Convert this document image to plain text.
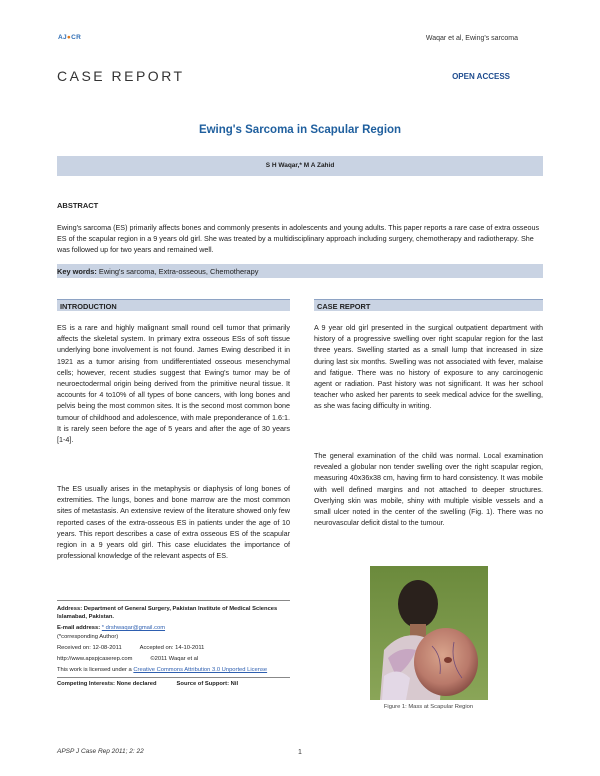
AJ●CR	Waqar et al, Ewing's sarcoma
CASE REPORT	OPEN ACCESS
Ewing's Sarcoma in Scapular Region
S H Waqar,* M A Zahid
ABSTRACT
Ewing's sarcoma (ES) primarily affects bones and commonly presents in adolescents and young adults. This paper reports a rare case of extra osseous ES of the scapular region in a 9 years old girl. She was treated by a multidisciplinary approach including surgery, chemotherapy and radiotherapy. She was followed up for two years and remained well.
Key words: Ewing's sarcoma, Extra-osseous, Chemotherapy
INTRODUCTION	CASE REPORT
ES is a rare and highly malignant small round cell tumor that primarily affects the skeletal system. In primary extra osseous ESs of soft tissue underlying bone involvement is not found. James Ewing described it in 1921 as a tumor arising from undifferentiated osseous mesenchymal cells; however, recent studies suggest that Ewing's tumor may be of neuroectodermal origin being derived from the primitive neural tissue. It accounts for 4 to10% of all types of bone cancers, with long bones and pelvis being the most common sites. It is the second most common bone tumour of childhood and adolescence, with male preponderance of 1.6:1. It is rarely seen before the age of 5 years and after the age of 30 years [1-4].
The ES usually arises in the metaphysis or diaphysis of long bones of extremities. The lungs, bones and bone marrow are the most common sites of metastasis. An extensive review of the literature showed only few reported cases of the extra-osseous ES in patients under the age of 10 years. This report describes a case of extra osseous ES of the scapular region in a 9 years old girl. This case elucidates the importance of professional knowledge of the relevant aspects of ES.
A 9 year old girl presented in the surgical outpatient department with history of a progressive swelling over right scapular region for the last three years. Swelling started as a small lump that increased in size during last six months. Swelling was not associated with fever, malaise and fatigue. There was no history of exposure to any carcinogenic agent or radiation. Past history was not significant. It was her school teacher who asked her parents to seek medical advice for the swelling, as she was facing difficulty in writing.
The general examination of the child was normal. Local examination revealed a globular non tender swelling over the right scapular region, measuring 40x36x38 cm, having firm to hard consistency. It was mobile with well defined margins and not attached to deeper structures. Overlying skin was mobile, shiny with multiple visible vessels and a small ulcer noted in the center of the swelling (Fig. 1). There was no neurovascular deficit distal to the tumour.
Address: Department of General Surgery, Pakistan Institute of Medical Sciences Islamabad, Pakistan.
E-mail address: * drshwaqar@gmail.com
(*corresponding Author)
Received on: 12-08-2011	Accepted on: 14-10-2011
http://www.apspjcaserep.com	©2011 Waqar et al
This work is licensed under a Creative Commons Attribution 3.0 Unported License
Competing Interests: None declared	Source of Support: Nil
Figure 1: Mass at Scapular Region
APSP J Case Rep 2011; 2: 22	1
